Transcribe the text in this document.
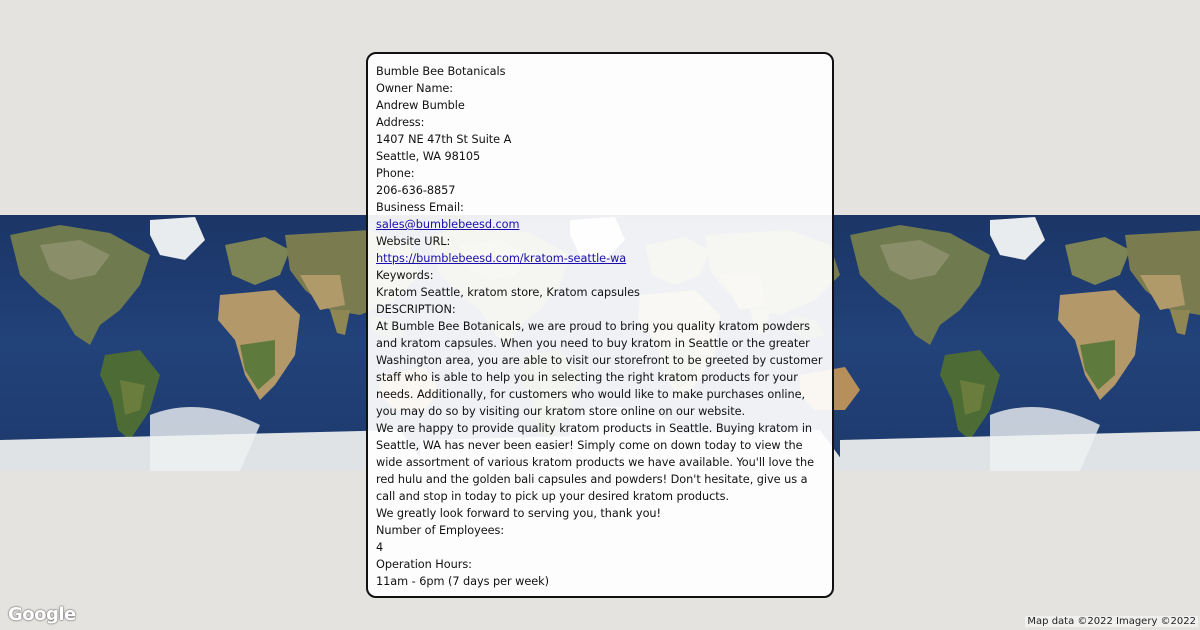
Bumble Bee Botanicals
Owner Name:
Andrew Bumble
Address:
1407 NE 47th St Suite A
Seattle, WA 98105
Phone:
206-636-8857
Business Email:
sales@bumblebeesd.com
Website URL:
https://bumblebeesd.com/kratom-seattle-wa
Keywords:
Kratom Seattle, kratom store, Kratom capsules
DESCRIPTION:
At Bumble Bee Botanicals, we are proud to bring you quality kratom powders and kratom capsules. When you need to buy kratom in Seattle or the greater Washington area, you are able to visit our storefront to be greeted by customer staff who is able to help you in selecting the right kratom products for your needs. Additionally, for customers who would like to make purchases online, you may do so by visiting our kratom store online on our website.
We are happy to provide quality kratom products in Seattle. Buying kratom in Seattle, WA has never been easier! Simply come on down today to view the wide assortment of various kratom products we have available. You'll love the red hulu and the golden bali capsules and powders! Don't hesitate, give us a call and stop in today to pick up your desired kratom products.
We greatly look forward to serving you, thank you!
Number of Employees:
4
Operation Hours:
11am - 6pm (7 days per week)
Google	Map data ©2022 Imagery ©2022
